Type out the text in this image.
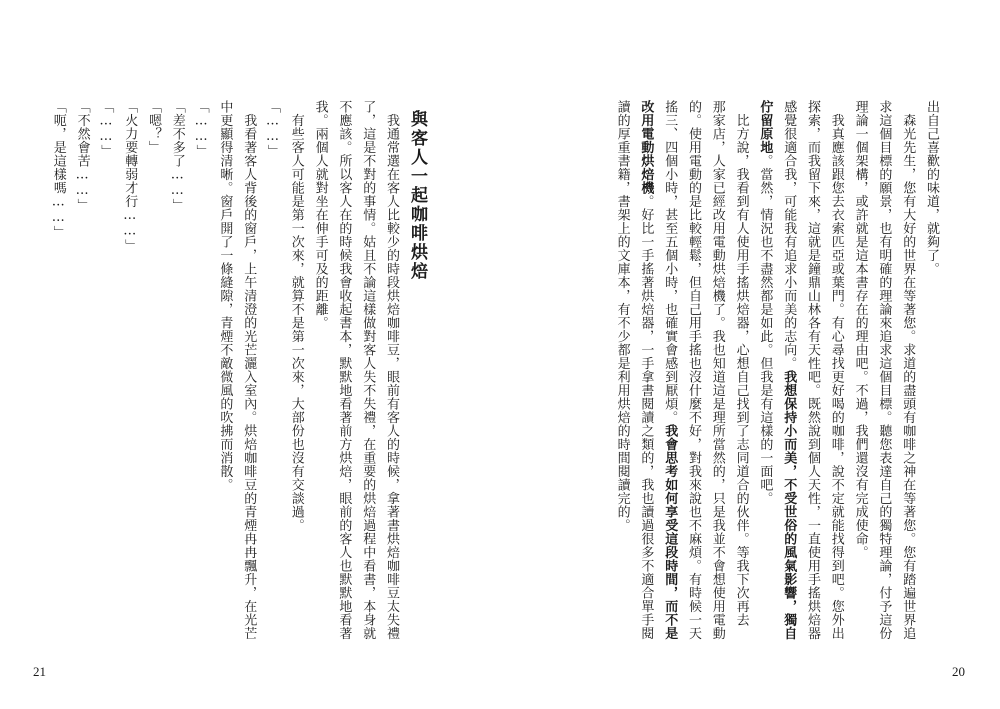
出自己喜歡的味道，就夠了。
　森光先生，您有大好的世界在等著您。求道的盡頭有咖啡之神在等著您。您有踏遍世界追
求這個目標的願景，也有明確的理論來追求這個目標。聽您表達自己的獨特理論，付予這份
理論一個架構，或許就是這本書存在的理由吧。不過，我們還沒有完成使命。
　我真應該跟您去衣索匹亞或葉門。有心尋找更好喝的咖啡，說不定就能找得到吧。您外出
探索，而我留下來，這就是鐘鼎山林各有天性吧。既然說到個人天性，一直使用手搖烘焙器
感覺很適合我，可能我有追求小而美的志向。我想保持小而美，不受世俗的風氣影響，獨自
佇留原地。當然，情況也不盡然都是如此。但我是有這樣的一面吧。
　比方說，我看到有人使用手搖烘焙器，心想自己找到了志同道合的伙伴。等我下次再去
那家店，人家已經改用電動烘焙機了。我也知道這是理所當然的，只是我並不會想使用電動
的。使用電動的是比較輕鬆，但自己用手搖也沒什麼不好，對我來說也不麻煩。有時候一天
搖三、四個小時，甚至五個小時，也確實會感到厭煩。我會思考如何享受這段時間，而不是
改用電動烘焙機。好比一手搖著烘焙器，一手拿書閱讀之類的，我也讀過很多不適合單手閱
讀的厚重書籍，書架上的文庫本，有不少都是利用烘焙的時間閱讀完的。
與客人一起咖啡烘焙
　我通常選在客人比較少的時段烘焙咖啡豆，眼前有客人的時候，拿著書烘焙咖啡豆太失禮
了，這是不對的事情。姑且不論這樣做對客人失不失禮，在重要的烘焙過程中看書，本身就
不應該。所以客人在的時候我會收起書本，默默地看著前方烘焙，眼前的客人也默默地看著
我。兩個人就對坐在伸手可及的距離。
　有些客人可能是第一次來，就算不是第一次來，大部份也沒有交談過。
「……」
　我看著客人背後的窗戶，上午清澄的光芒灑入室內。烘焙咖啡豆的青煙冉冉飄升，在光芒
中更顯得清晰。窗戶開了一條縫隙，青煙不敵微風的吹拂而消散。
「……」
「差不多了……」
「嗯？」
「火力要轉弱才行……」
「……」
「不然會苦……」
「呃，是這樣嗎……」
21	20
